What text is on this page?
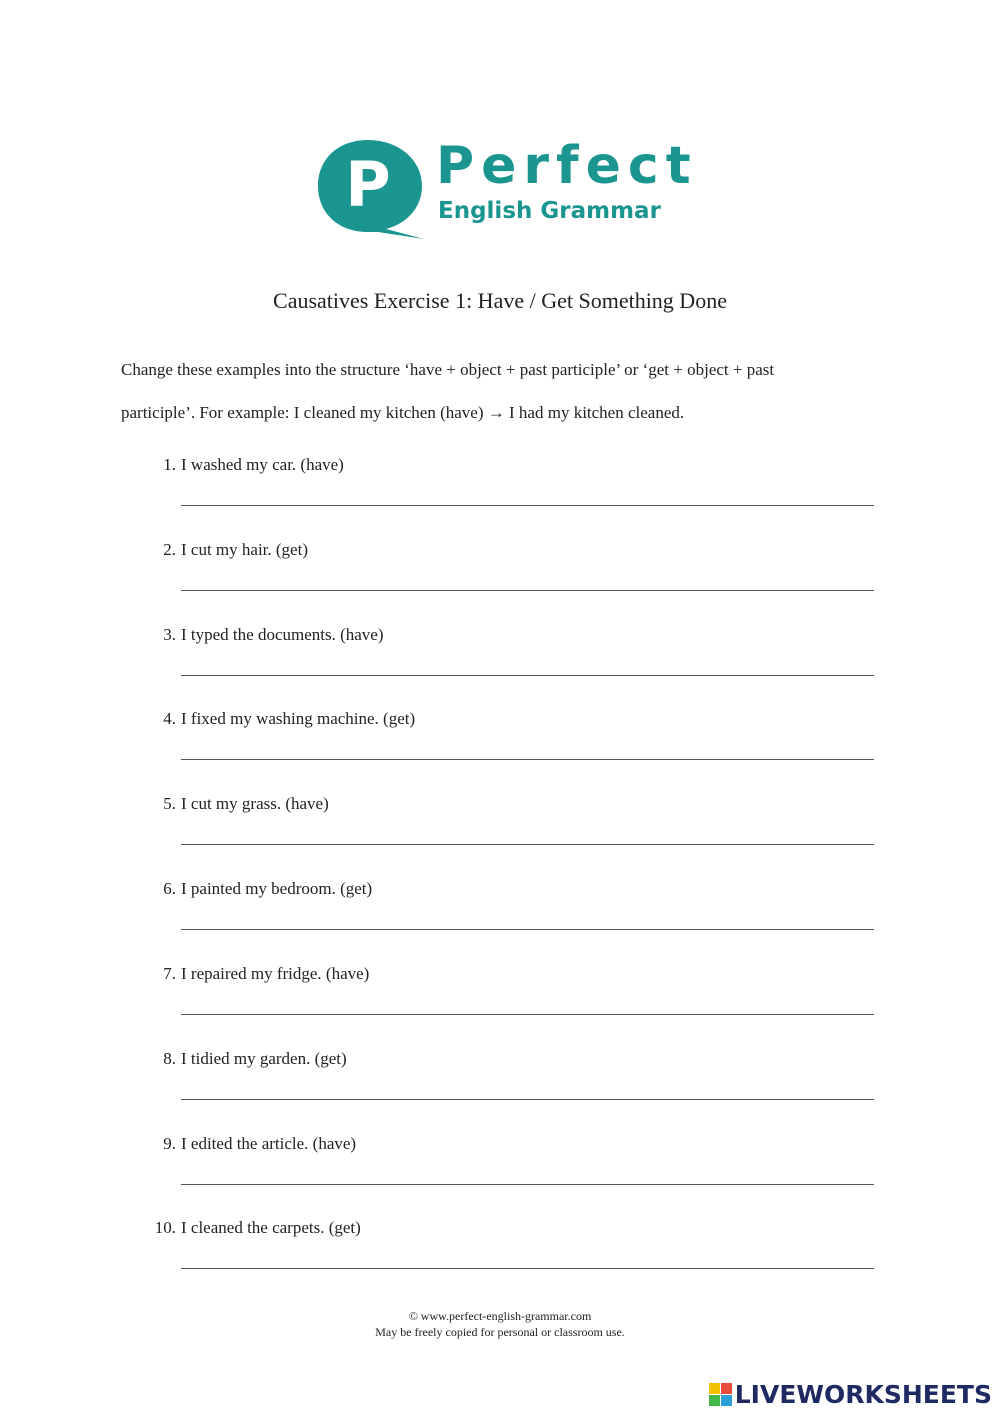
P Perfect
English Grammar
Causatives Exercise 1: Have / Get Something Done

Change these examples into the structure ‘have + object + past participle’ or ‘get + object + past

participle’. For example: I cleaned my kitchen (have) → I had my kitchen cleaned.

1. I washed my car. (have)
2. I cut my hair. (get)
3. I typed the documents. (have)
4. I fixed my washing machine. (get)
5. I cut my grass. (have)
6. I painted my bedroom. (get)
7. I repaired my fridge. (have)
8. I tidied my garden. (get)
9. I edited the article. (have)
10. I cleaned the carpets. (get)
© www.perfect-english-grammar.com
May be freely copied for personal or classroom use.
LIVEWORKSHEETS
